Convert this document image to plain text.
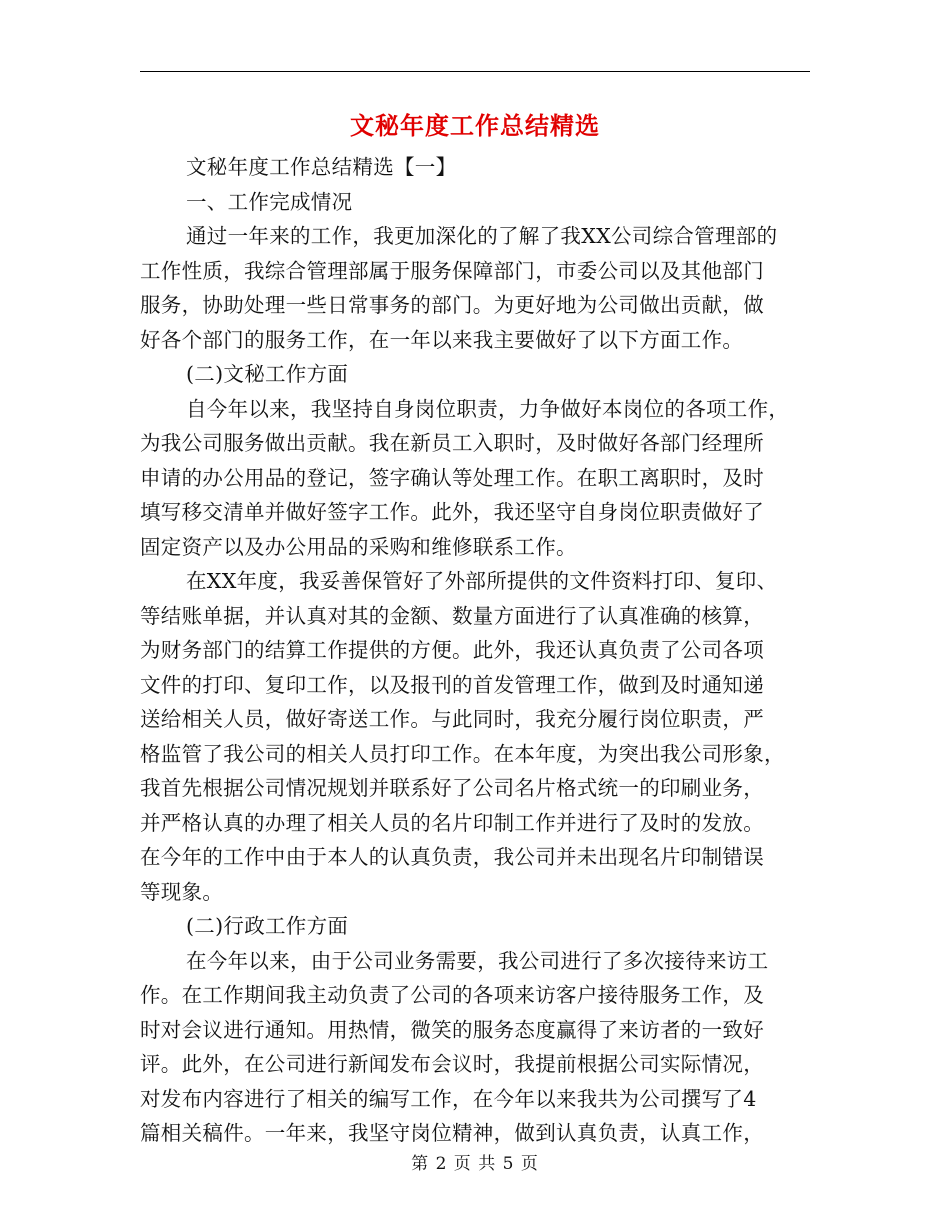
文秘年度工作总结精选
文秘年度工作总结精选【一】
一、工作完成情况
通过一年来的工作，我更加深化的了解了我XX公司综合管理部的
工作性质，我综合管理部属于服务保障部门，市委公司以及其他部门
服务，协助处理一些日常事务的部门。为更好地为公司做出贡献，做
好各个部门的服务工作，在一年以来我主要做好了以下方面工作。
(二)文秘工作方面
自今年以来，我坚持自身岗位职责，力争做好本岗位的各项工作，
为我公司服务做出贡献。我在新员工入职时，及时做好各部门经理所
申请的办公用品的登记，签字确认等处理工作。在职工离职时，及时
填写移交清单并做好签字工作。此外，我还坚守自身岗位职责做好了
固定资产以及办公用品的采购和维修联系工作。
在XX年度，我妥善保管好了外部所提供的文件资料打印、复印、
等结账单据，并认真对其的金额、数量方面进行了认真准确的核算，
为财务部门的结算工作提供的方便。此外，我还认真负责了公司各项
文件的打印、复印工作，以及报刊的首发管理工作，做到及时通知递
送给相关人员，做好寄送工作。与此同时，我充分履行岗位职责，严
格监管了我公司的相关人员打印工作。在本年度，为突出我公司形象，
我首先根据公司情况规划并联系好了公司名片格式统一的印刷业务，
并严格认真的办理了相关人员的名片印制工作并进行了及时的发放。
在今年的工作中由于本人的认真负责，我公司并未出现名片印制错误
等现象。
(二)行政工作方面
在今年以来，由于公司业务需要，我公司进行了多次接待来访工
作。在工作期间我主动负责了公司的各项来访客户接待服务工作，及
时对会议进行通知。用热情，微笑的服务态度赢得了来访者的一致好
评。此外，在公司进行新闻发布会议时，我提前根据公司实际情况，
对发布内容进行了相关的编写工作，在今年以来我共为公司撰写了4
篇相关稿件。一年来，我坚守岗位精神，做到认真负责，认真工作，
第 2 页 共 5 页
